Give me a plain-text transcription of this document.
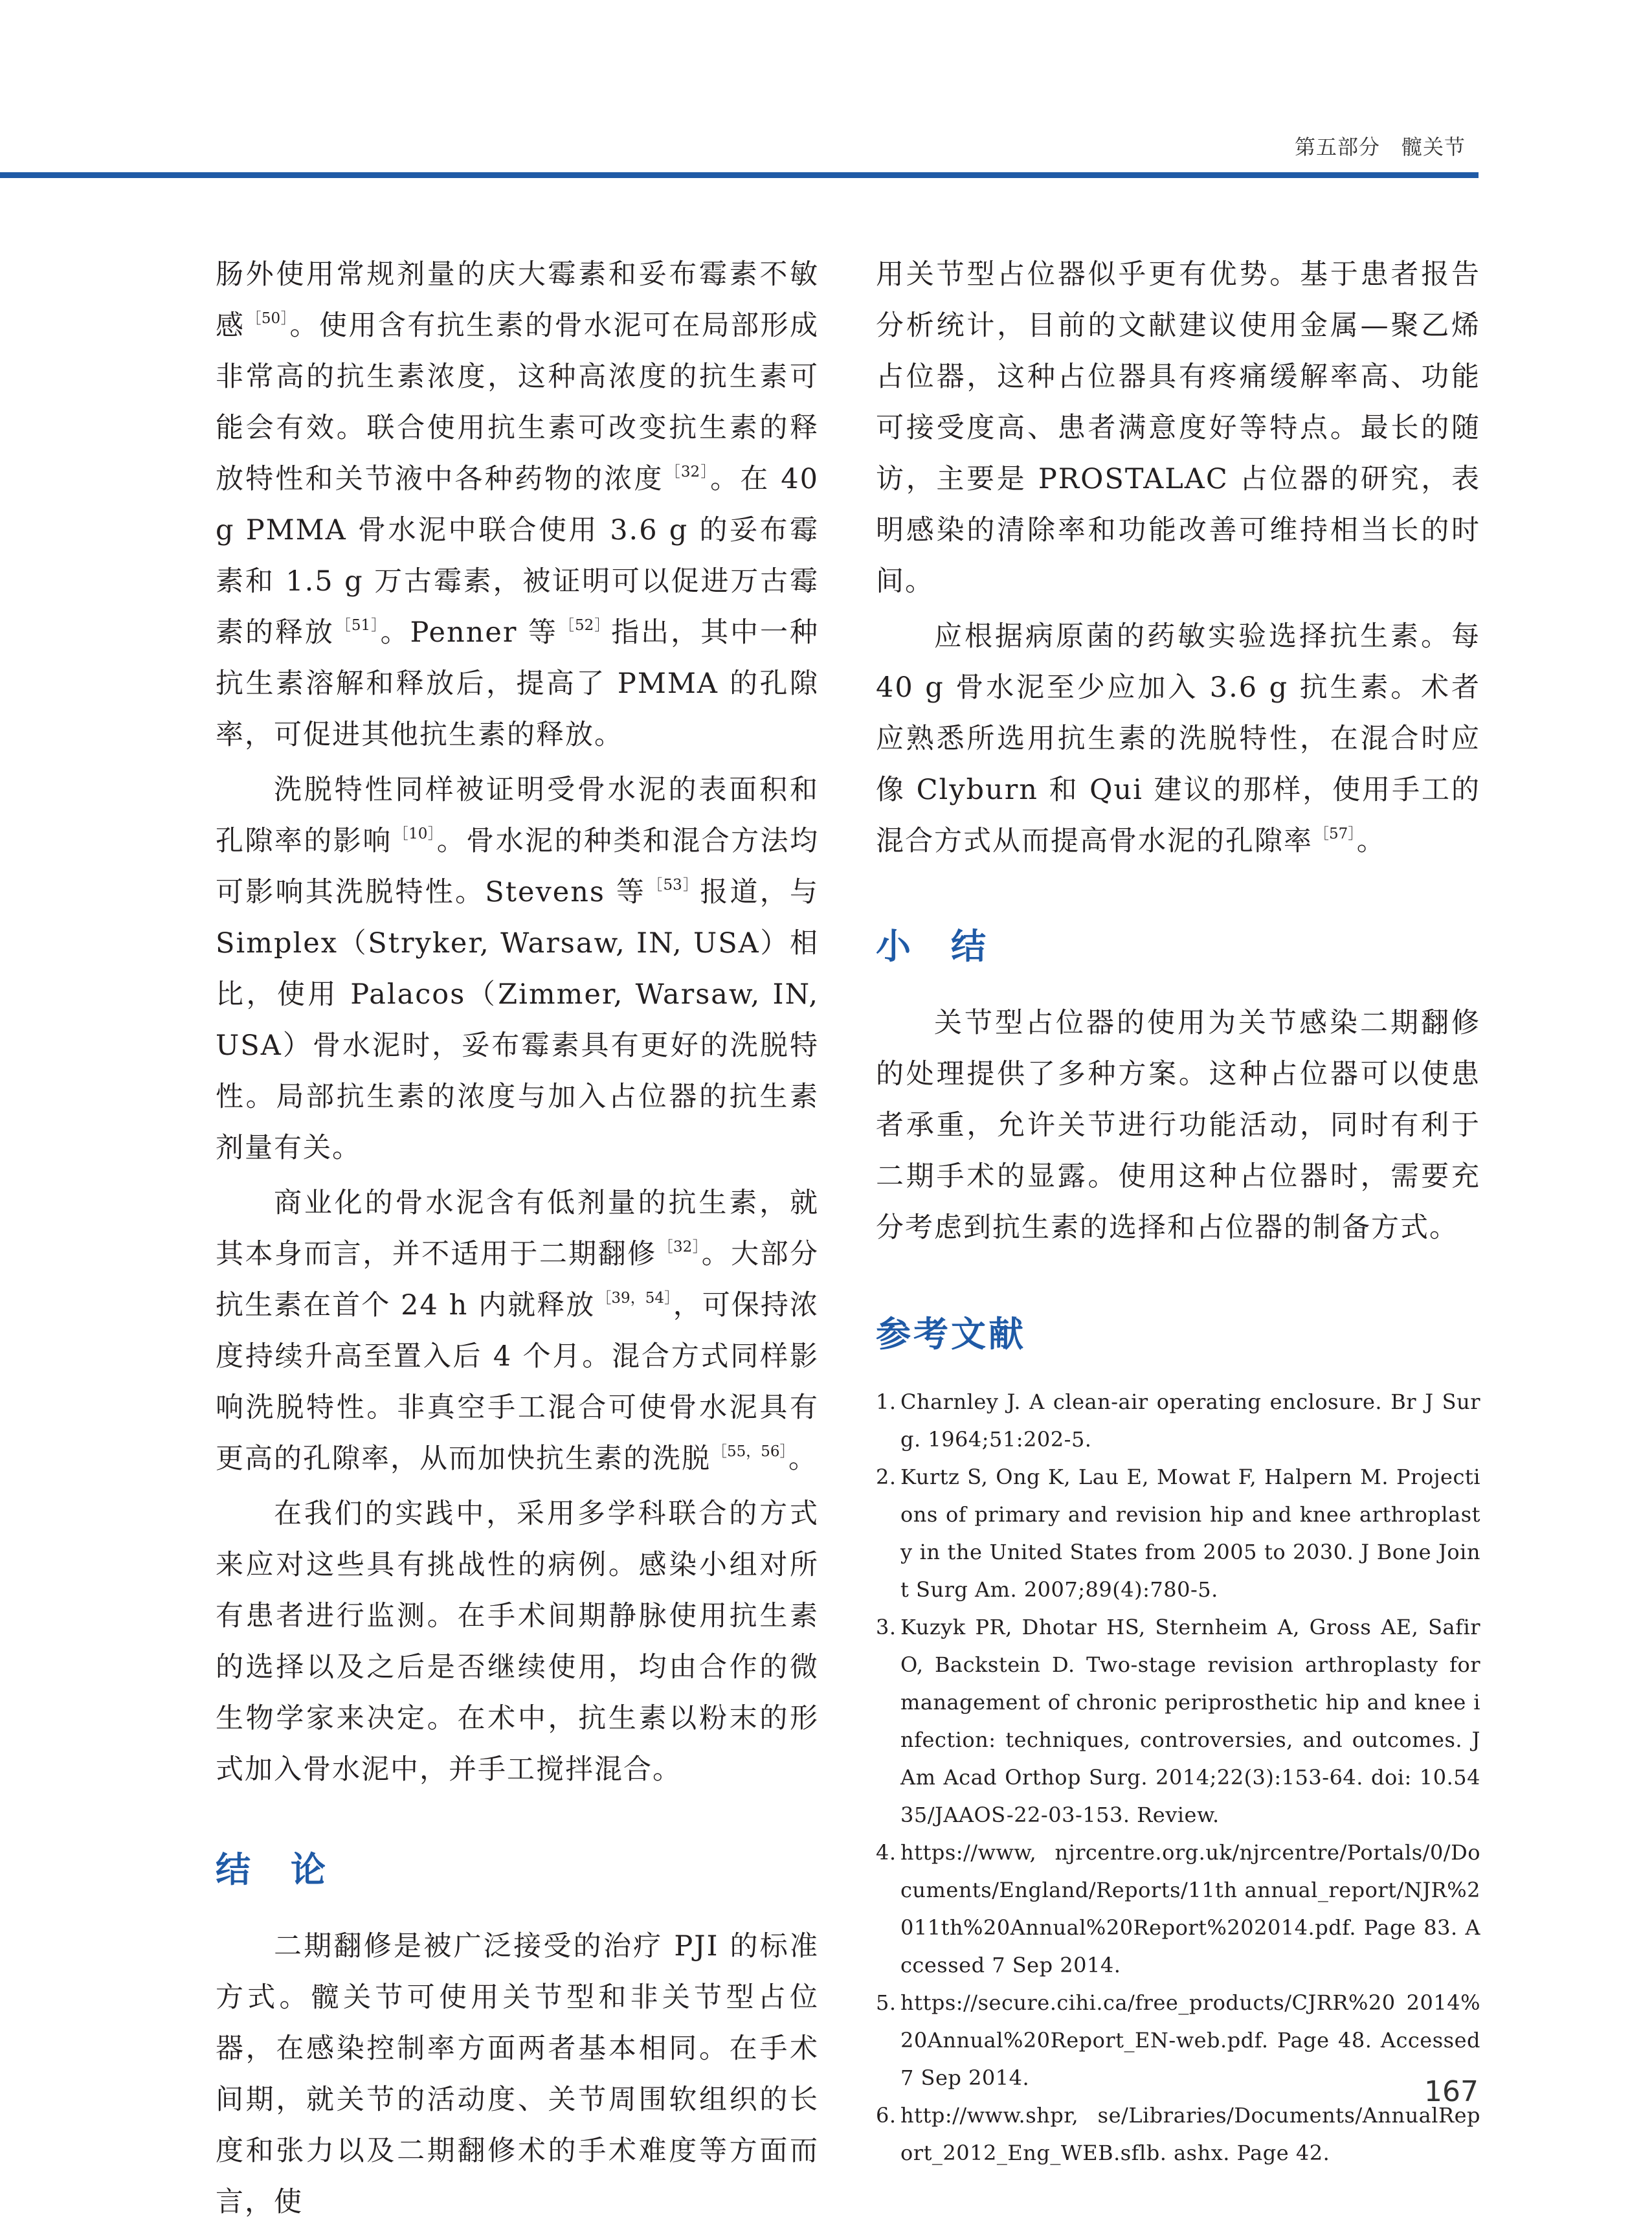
第五部分　髋关节

肠外使用常规剂量的庆大霉素和妥布霉素不敏感$^{[50]}$。使用含有抗生素的骨水泥可在局部形成非常高的抗生素浓度，这种高浓度的抗生素可能会有效。联合使用抗生素可改变抗生素的释放特性和关节液中各种药物的浓度$^{[32]}$。在 40 g PMMA 骨水泥中联合使用 3.6 g 的妥布霉素和 1.5 g 万古霉素，被证明可以促进万古霉素的释放$^{[51]}$。Penner 等$^{[52]}$指出，其中一种抗生素溶解和释放后，提高了 PMMA 的孔隙率，可促进其他抗生素的释放。

洗脱特性同样被证明受骨水泥的表面积和孔隙率的影响$^{[10]}$。骨水泥的种类和混合方法均可影响其洗脱特性。Stevens 等$^{[53]}$报道，与 Simplex（Stryker, Warsaw, IN, USA）相比，使用 Palacos（Zimmer, Warsaw, IN, USA）骨水泥时，妥布霉素具有更好的洗脱特性。局部抗生素的浓度与加入占位器的抗生素剂量有关。

商业化的骨水泥含有低剂量的抗生素，就其本身而言，并不适用于二期翻修$^{[32]}$。大部分抗生素在首个 24 h 内就释放$^{[39,54]}$，可保持浓度持续升高至置入后 4 个月。混合方式同样影响洗脱特性。非真空手工混合可使骨水泥具有更高的孔隙率，从而加快抗生素的洗脱$^{[55,56]}$。

在我们的实践中，采用多学科联合的方式来应对这些具有挑战性的病例。感染小组对所有患者进行监测。在手术间期静脉使用抗生素的选择以及之后是否继续使用，均由合作的微生物学家来决定。在术中，抗生素以粉末的形式加入骨水泥中，并手工搅拌混合。

结　论

二期翻修是被广泛接受的治疗 PJI 的标准方式。髋关节可使用关节型和非关节型占位器，在感染控制率方面两者基本相同。在手术间期，就关节的活动度、关节周围软组织的长度和张力以及二期翻修术的手术难度等方面而言，使

用关节型占位器似乎更有优势。基于患者报告分析统计，目前的文献建议使用金属—聚乙烯占位器，这种占位器具有疼痛缓解率高、功能可接受度高、患者满意度好等特点。最长的随访，主要是 PROSTALAC 占位器的研究，表明感染的清除率和功能改善可维持相当长的时间。

应根据病原菌的药敏实验选择抗生素。每 40 g 骨水泥至少应加入 3.6 g 抗生素。术者应熟悉所选用抗生素的洗脱特性，在混合时应像 Clyburn 和 Qui 建议的那样，使用手工的混合方式从而提高骨水泥的孔隙率$^{[57]}$。

小　结

关节型占位器的使用为关节感染二期翻修的处理提供了多种方案。这种占位器可以使患者承重，允许关节进行功能活动，同时有利于二期手术的显露。使用这种占位器时，需要充分考虑到抗生素的选择和占位器的制备方式。

参考文献
1. Charnley J. A clean-air operating enclosure. Br J Surg. 1964;51:202-5.
2. Kurtz S, Ong K, Lau E, Mowat F, Halpern M. Projections of primary and revision hip and knee arthroplasty in the United States from 2005 to 2030. J Bone Joint Surg Am. 2007;89(4):780-5.
3. Kuzyk PR, Dhotar HS, Sternheim A, Gross AE, Safir O, Backstein D. Two-stage revision arthroplasty for management of chronic periprosthetic hip and knee infection: techniques, controversies, and outcomes. J Am Acad Orthop Surg. 2014;22(3):153-64. doi: 10.5435/JAAOS-22-03-153. Review.
4. https://www, njrcentre.org.uk/njrcentre/Portals/0/Documents/England/Reports/11th annual_report/NJR%2011th%20Annual%20Report%202014.pdf. Page 83. Accessed 7 Sep 2014.
5. https://secure.cihi.ca/free_products/CJRR%20 2014%20Annual%20Report_EN-web.pdf. Page 48. Accessed 7 Sep 2014.
6. http://www.shpr, se/Libraries/Documents/AnnualReport_2012_Eng_WEB.sflb. ashx. Page 42.
167
